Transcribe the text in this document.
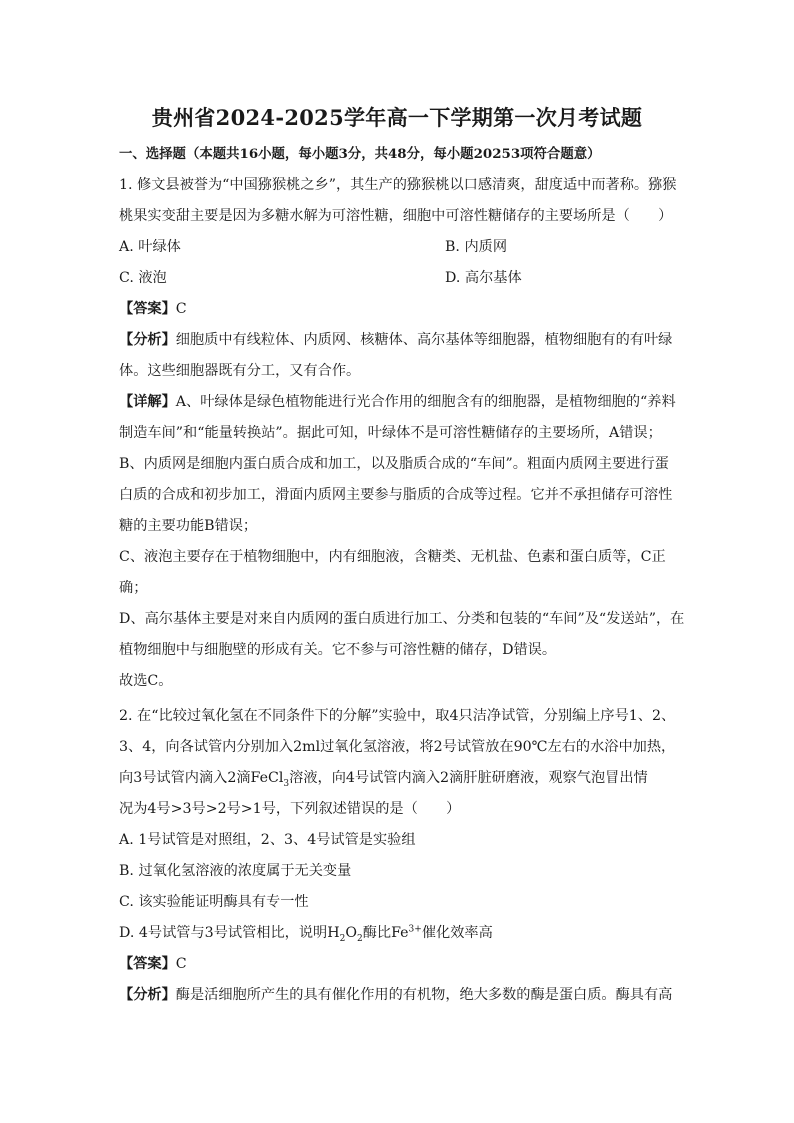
贵州省2024-2025学年高一下学期第一次月考试题
一、选择题（本题共16小题，每小题3分，共48分，每小题20253项符合题意）
1. 修文县被誉为“中国猕猴桃之乡”，其生产的猕猴桃以口感清爽，甜度适中而著称。猕猴
桃果实变甜主要是因为多糖水解为可溶性糖，细胞中可溶性糖储存的主要场所是（　　）
A. 叶绿体	B. 内质网
C. 液泡	D. 高尔基体
【答案】C
【分析】细胞质中有线粒体、内质网、核糖体、高尔基体等细胞器，植物细胞有的有叶绿
体。这些细胞器既有分工，又有合作。
【详解】A、叶绿体是绿色植物能进行光合作用的细胞含有的细胞器，是植物细胞的“养料
制造车间”和“能量转换站”。据此可知，叶绿体不是可溶性糖储存的主要场所，A错误；
B、内质网是细胞内蛋白质合成和加工，以及脂质合成的“车间”。粗面内质网主要进行蛋
白质的合成和初步加工，滑面内质网主要参与脂质的合成等过程。它并不承担储存可溶性
糖的主要功能B错误；
C、液泡主要存在于植物细胞中，内有细胞液，含糖类、无机盐、色素和蛋白质等，C正
确；
D、高尔基体主要是对来自内质网的蛋白质进行加工、分类和包装的“车间”及“发送站”，在
植物细胞中与细胞壁的形成有关。它不参与可溶性糖的储存，D错误。
故选C。
2. 在“比较过氧化氢在不同条件下的分解”实验中，取4只洁净试管，分别编上序号1、2、
3、4，向各试管内分别加入2ml过氧化氢溶液，将2号试管放在90℃左右的水浴中加热，
向3号试管内滴入2滴FeCl$_3$溶液，向4号试管内滴入2滴肝脏研磨液，观察气泡冒出情
况为4号>3号>2号>1号，下列叙述错误的是（　　）
A. 1号试管是对照组，2、3、4号试管是实验组
B. 过氧化氢溶液的浓度属于无关变量
C. 该实验能证明酶具有专一性
D. 4号试管与3号试管相比，说明$H_2O_2$酶比$Fe^{3+}$催化效率高
【答案】C
【分析】酶是活细胞所产生的具有催化作用的有机物，绝大多数的酶是蛋白质。酶具有高
